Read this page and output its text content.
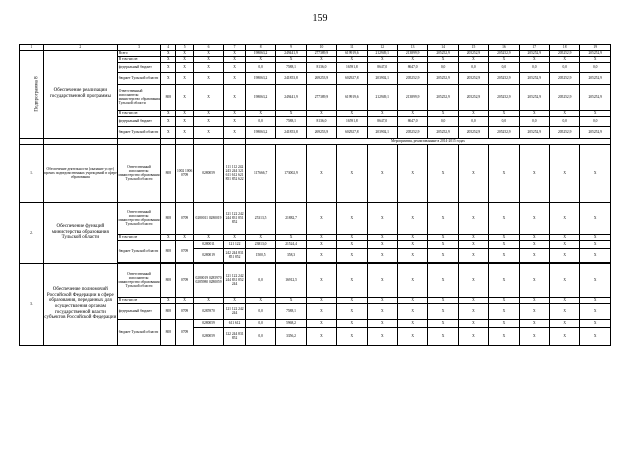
159
1	2	3	4	5	6	7	8	9	10	11	12	13	14	15	16	17	18	19
Подпрограмма 8	Обеспечение реализации государственной программы	Всего	X	X	X	X	198063,2	249441,9	277389,9	619919,6	212949,1	213899,9	205252,9	205252,9	205252,9	205252,9	205252,9	205252,9
		В том числе:	X	X	X	X	X	X	X	X	X	X	X	X	X	X	X	X
		федеральный бюджет	X	X	X	X	0,0	7588,1	8136,0	16591,8	8647,0	8647,0	0,0	0,0	0,0	0,0	0,0	0,0
		бюджет Тульской области	X	X	X	X	198063,2	241853,8	269253,9	602927,8	203902,1	205252,9	205252,9	205252,9	205252,9	205252,9	205252,9	205252,9
		Ответственный исполнитель: министерство образования Тульской области	808	X	X	X	198063,2	249441,9	277389,9	619919,6	212949,1	213899,9	205252,9	205252,9	205252,9	205252,9	205252,9	205252,9
		В том числе:	X	X	X	X	X	X	X	X	X	X	X	X	X	X	X	X
		федеральный бюджет	X	X	X	X	0,0	7588,1	8136,0	16591,8	8647,0	8647,0	0,0	0,0	0,0	0,0	0,0	0,0
		бюджет Тульской области	X	X	X	X	198063,2	241853,8	269253,9	602927,8	203902,1	205252,9	205252,9	205252,9	205252,9	205252,9	205252,9	205252,9
							Мероприятия, реализованные в 2014-2015 годах											
1.	Обеспечение деятельности (оказание услуг) прочих подведомственных учреждений в сфере образования	Ответственный исполнитель: министерство образования Тульской области	808	1002 1006 0709	0280059	111 112 242 243 244 321 611 612 621 851 852 622	117666,7	173002,9	X	X	X	X	X	X	X	X	X	X
2.	Обеспечение функций министерства образования Тульской области	Ответственный исполнитель: министерство образования Тульской области	808	0709	0280011 0280019	121 122 242 244 831 851 852	25313,5	21882,7	X	X	X	X	X	X	X	X	X	X
		В том числе	X	X	X	X	X	X	X	X	X	X	X	X	X	X	X	X
		бюджет Тульской области	808	0709	0280011	121 122	23813,0	21524,4	X	X	X	X	X	X	X	X	X	X
					0280019	242 244 831 851 852	1500,5	358,3	X	X	X	X	X	X	X	X	X	X

3.	Обеспечение полномочий Российской Федерации в сфере образования, переданных для осуществления органам государственной власти субъектов Российской Федерации	Ответственный исполнитель: министерство образования Тульской области	808	0709	0280019 0285970 0285980 0280059	121 122 242 244 831 852 244	0,0	16912,5	X	X	X	X	X	X	X	X	X	X
		В том числе	X	X	X	X	X	X	X	X	X	X	X	X	X	X	X	X
		федеральный бюджет	808	0709	0285970	121 122 242 244	0,0	7588,1	X	X	X	X	X	X	X	X	X	X
		бюджет Тульской области	808	0709	0280059	611 612	0,0	5968,2	X	X	X	X	X	X	X	X	X	X
					0280059	122 244 831 852	0,0	3356,2	X	X	X	X	X	X	X	X	X	X
